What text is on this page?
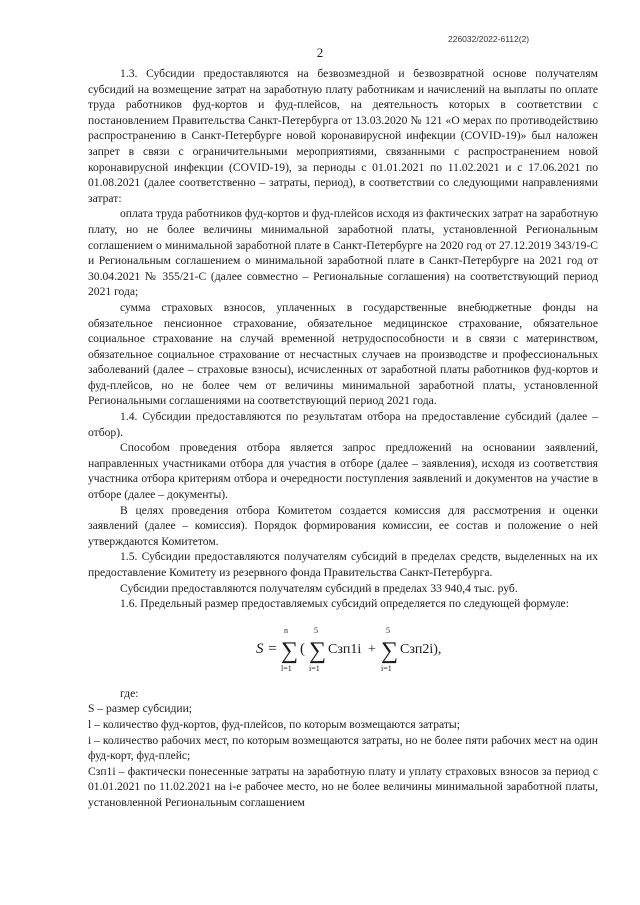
226032/2022-6112(2)
2

1.3. Субсидии предоставляются на безвозмездной и безвозвратной основе получателям субсидий на возмещение затрат на заработную плату работникам и начислений на выплаты по оплате труда работников фуд-кортов и фуд-плейсов, на деятельность которых в соответствии с постановлением Правительства Санкт-Петербурга от 13.03.2020 № 121 «О мерах по противодействию распространению в Санкт-Петербурге новой коронавирусной инфекции (COVID-19)» был наложен запрет в связи с ограничительными мероприятиями, связанными с распространением новой коронавирусной инфекции (COVID-19), за периоды с 01.01.2021 по 11.02.2021 и с 17.06.2021 по 01.08.2021 (далее соответственно – затраты, период), в соответствии со следующими направлениями затрат:

оплата труда работников фуд-кортов и фуд-плейсов исходя из фактических затрат на заработную плату, но не более величины минимальной заработной платы, установленной Региональным соглашением о минимальной заработной плате в Санкт-Петербурге на 2020 год от 27.12.2019 343/19-С и Региональным соглашением о минимальной заработной плате в Санкт-Петербурге на 2021 год от 30.04.2021 № 355/21-С (далее совместно – Региональные соглашения) на соответствующий период 2021 года;

сумма страховых взносов, уплаченных в государственные внебюджетные фонды на обязательное пенсионное страхование, обязательное медицинское страхование, обязательное социальное страхование на случай временной нетрудоспособности и в связи с материнством, обязательное социальное страхование от несчастных случаев на производстве и профессиональных заболеваний (далее – страховые взносы), исчисленных от заработной платы работников фуд-кортов и фуд-плейсов, но не более чем от величины минимальной заработной платы, установленной Региональными соглашениями на соответствующий период 2021 года.

1.4. Субсидии предоставляются по результатам отбора на предоставление субсидий (далее – отбор).

Способом проведения отбора является запрос предложений на основании заявлений, направленных участниками отбора для участия в отборе (далее – заявления), исходя из соответствия участника отбора критериям отбора и очередности поступления заявлений и документов на участие в отборе (далее – документы).

В целях проведения отбора Комитетом создается комиссия для рассмотрения и оценки заявлений (далее – комиссия). Порядок формирования комиссии, ее состав и положение о ней утверждаются Комитетом.

1.5. Субсидии предоставляются получателям субсидий в пределах средств, выделенных на их предоставление Комитету из резервного фонда Правительства Санкт-Петербурга.

Субсидии предоставляются получателям субсидий в пределах 33 940,4 тыс. руб.

1.6. Предельный размер предоставляемых субсидий определяется по следующей формуле:

S =
n
∑
l=1
(
5
∑
i=1
Сзп1i +
5
∑
i=1
Сзп2i),

где:

S – размер субсидии;

l – количество фуд-кортов, фуд-плейсов, по которым возмещаются затраты;

i – количество рабочих мест, по которым возмещаются затраты, но не более пяти рабочих мест на один фуд-корт, фуд-плейс;

Сзп1i – фактически понесенные затраты на заработную плату и уплату страховых взносов за период с 01.01.2021 по 11.02.2021 на i-е рабочее место, но не более величины минимальной заработной платы, установленной Региональным соглашением
